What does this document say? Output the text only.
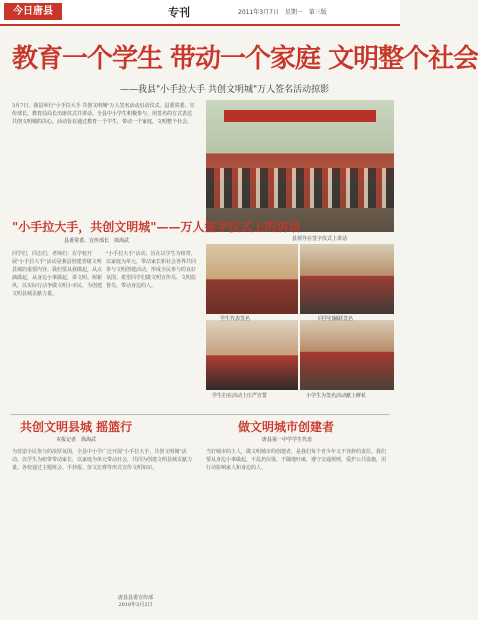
今日唐县	专刊	2011年3月7日　星期一　第三版
教育一个学生 带动一个家庭 文明整个社会
——我县"小手拉大手 共创文明城"万人签名活动掠影
3月7日，我县举行"小手拉大手 共创文明城"万人签名活动启动仪式。县委常委、宣传部长、教育局局长出席仪式并讲话。全县中小学生积极参与，用签名的方式表达共创文明城的决心。活动旨在通过教育一个学生，带动一个家庭，文明整个社会。
县领导在签字仪式上讲话
"小手拉大手，共创文明城"——万人签字仪式上的讲话
县委常委、宣传部长　徐海武
同学们，同志们，老师们：在学校开展"小手拉大手"活动是我县创建省级文明县城的重要内容。我们要从我做起，从点滴做起，从身边小事做起，讲文明、树新风，以实际行动争做文明小市民，为创建文明县城贡献力量。
"小手拉大手"活动，旨在以学生为纽带，以家庭为单元，带动家长和社会各界共同参与文明创建活动，形成全民参与的良好氛围。希望同学们做文明宣传员、文明监督员，带动身边的人。
学生代表签名	同学们踊跃签名
学生们在活动上庄严宣誓	小学生为签名活动献上鲜花
共创文明县城 摇篮行
本报记者　徐海武
为营造全民参与的浓厚氛围，全县中小学广泛开展"小手拉大手，共创文明城"活动，以学生为纽带带动家长，以家庭为单元带动社会，共同为创建文明县城贡献力量。各校通过主题班会、手抄报、征文比赛等形式宣传文明知识。
做文明城市创建者
唐县第一中学学生代表
当好城市的主人，做文明城市的创建者，是我们每个青少年义不容辞的责任。我们要从身边小事做起，不乱扔垃圾，不随地吐痰，遵守交通规则，爱护公共设施，用行动影响家人和身边的人。
唐县县委宣传部
2010年3月2日
